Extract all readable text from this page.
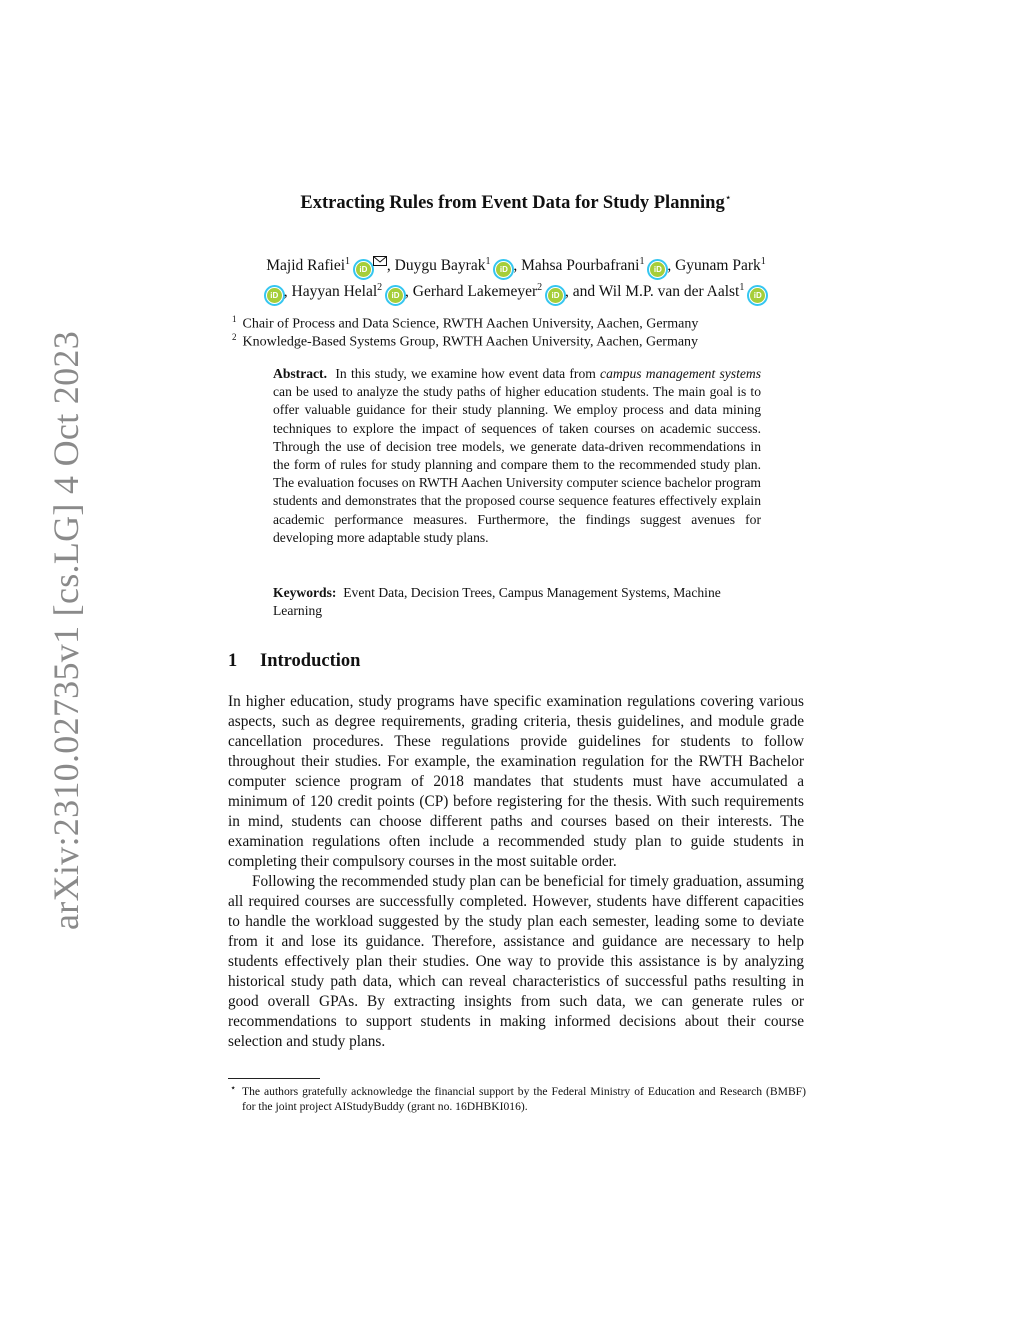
arXiv:2310.02735v1 [cs.LG] 4 Oct 2023
Extracting Rules from Event Data for Study Planning⋆
Majid Rafiei$^1$ iD , Duygu Bayrak$^1$ iD , Mahsa Pourbafrani$^1$ iD , Gyunam Park$^1$
iD , Hayyan Helal$^2$ iD , Gerhard Lakemeyer$^2$ iD , and Wil M.P. van der Aalst$^1$ iD
$^1$ Chair of Process and Data Science, RWTH Aachen University, Aachen, Germany
$^2$ Knowledge-Based Systems Group, RWTH Aachen University, Aachen, Germany
Abstract. In this study, we examine how event data from campus management systems can be used to analyze the study paths of higher education students. The main goal is to offer valuable guidance for their study planning. We employ process and data mining techniques to explore the impact of sequences of taken courses on academic success. Through the use of decision tree models, we generate data-driven recommendations in the form of rules for study planning and compare them to the recommended study plan. The evaluation focuses on RWTH Aachen University computer science bachelor program students and demonstrates that the proposed course sequence features effectively explain academic performance measures. Furthermore, the findings suggest avenues for developing more adaptable study plans.
Keywords: Event Data, Decision Trees, Campus Management Systems, Machine Learning
1 Introduction

In higher education, study programs have specific examination regulations covering various aspects, such as degree requirements, grading criteria, thesis guidelines, and module grade cancellation procedures. These regulations provide guidelines for students to follow throughout their studies. For example, the examination regulation for the RWTH Bachelor computer science program of 2018 mandates that students must have accumulated a minimum of 120 credit points (CP) before registering for the thesis. With such requirements in mind, students can choose different paths and courses based on their interests. The examination regulations often include a recommended study plan to guide students in completing their compulsory courses in the most suitable order.

Following the recommended study plan can be beneficial for timely graduation, assuming all required courses are successfully completed. However, students have different capacities to handle the workload suggested by the study plan each semester, leading some to deviate from it and lose its guidance. Therefore, assistance and guidance are necessary to help students effectively plan their studies. One way to provide this assistance is by analyzing historical study path data, which can reveal characteristics of successful paths resulting in good overall GPAs. By extracting insights from such data, we can generate rules or recommendations to support students in making informed decisions about their course selection and study plans.

⋆ The authors gratefully acknowledge the financial support by the Federal Ministry of Education and Research (BMBF) for the joint project AIStudyBuddy (grant no. 16DHBKI016).
